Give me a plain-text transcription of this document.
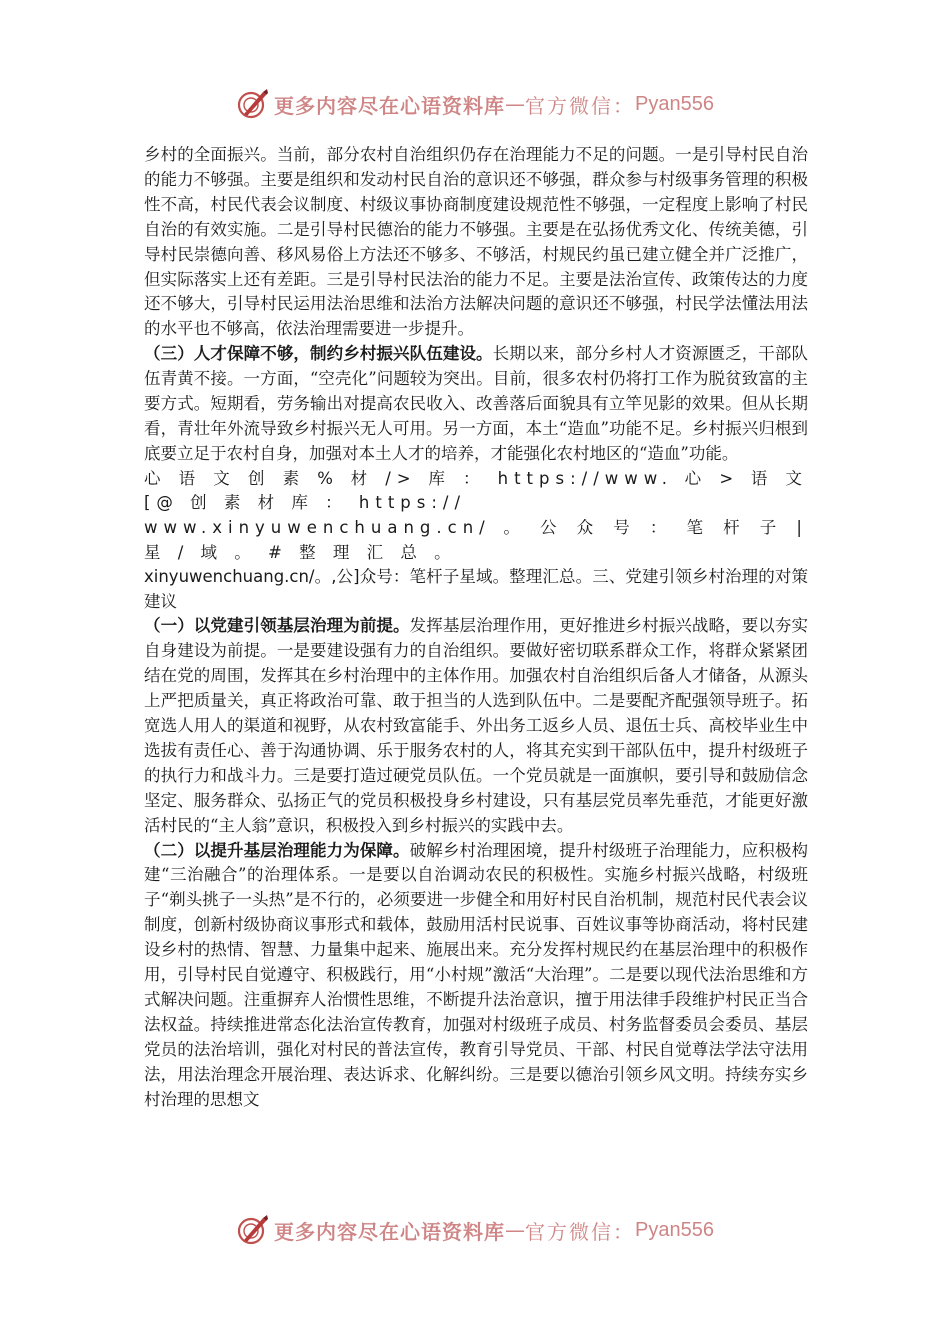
更多内容尽在心语资料库 — 官方微信： Pyan556

乡村的全面振兴。当前，部分农村自治组织仍存在治理能力不足的问题。一是引导村民自治的能力不够强。主要是组织和发动村民自治的意识还不够强，群众参与村级事务管理的积极性不高，村民代表会议制度、村级议事协商制度建设规范性不够强，一定程度上影响了村民自治的有效实施。二是引导村民德治的能力不够强。主要是在弘扬优秀文化、传统美德，引导村民崇德向善、移风易俗上方法还不够多、不够活，村规民约虽已建立健全并广泛推广，但实际落实上还有差距。三是引导村民法治的能力不足。主要是法治宣传、政策传达的力度还不够大，引导村民运用法治思维和法治方法解决问题的意识还不够强，村民学法懂法用法的水平也不够高，依法治理需要进一步提升。

（三）人才保障不够，制约乡村振兴队伍建设。长期以来，部分乡村人才资源匮乏，干部队伍青黄不接。一方面，“空壳化”问题较为突出。目前，很多农村仍将打工作为脱贫致富的主要方式。短期看，劳务输出对提高农民收入、改善落后面貌具有立竿见影的效果。但从长期看，青壮年外流导致乡村振兴无人可用。另一方面，本土“造血”功能不足。乡村振兴归根到底要立足于农村自身，加强对本土人才的培养，才能强化农村地区的“造血”功能。

心 语 文 创 素 % 材 /> 库 ： https://www. 心 > 语 文 [@ 创 素 材 库 ： https://
www.xinyuwenchuang.cn/ 。 公 众 号 ： 笔 杆 子 | 星 / 域 。 # 整 理 汇 总 。
xinyuwenchuang.cn/。,公]众号：笔杆子星域。整理汇总。三、党建引领乡村治理的对策建议

（一）以党建引领基层治理为前提。发挥基层治理作用，更好推进乡村振兴战略，要以夯实自身建设为前提。一是要建设强有力的自治组织。要做好密切联系群众工作，将群众紧紧团结在党的周围，发挥其在乡村治理中的主体作用。加强农村自治组织后备人才储备，从源头上严把质量关，真正将政治可靠、敢于担当的人选到队伍中。二是要配齐配强领导班子。拓宽选人用人的渠道和视野，从农村致富能手、外出务工返乡人员、退伍士兵、高校毕业生中选拔有责任心、善于沟通协调、乐于服务农村的人，将其充实到干部队伍中，提升村级班子的执行力和战斗力。三是要打造过硬党员队伍。一个党员就是一面旗帜，要引导和鼓励信念坚定、服务群众、弘扬正气的党员积极投身乡村建设，只有基层党员率先垂范，才能更好激活村民的“主人翁”意识，积极投入到乡村振兴的实践中去。

（二）以提升基层治理能力为保障。破解乡村治理困境，提升村级班子治理能力，应积极构建“三治融合”的治理体系。一是要以自治调动农民的积极性。实施乡村振兴战略，村级班子“剃头挑子一头热”是不行的，必须要进一步健全和用好村民自治机制，规范村民代表会议制度，创新村级协商议事形式和载体，鼓励用活村民说事、百姓议事等协商活动，将村民建设乡村的热情、智慧、力量集中起来、施展出来。充分发挥村规民约在基层治理中的积极作用，引导村民自觉遵守、积极践行，用“小村规”激活“大治理”。二是要以现代法治思维和方式解决问题。注重摒弃人治惯性思维，不断提升法治意识，擅于用法律手段维护村民正当合法权益。持续推进常态化法治宣传教育，加强对村级班子成员、村务监督委员会委员、基层党员的法治培训，强化对村民的普法宣传，教育引导党员、干部、村民自觉尊法学法守法用法，用法治理念开展治理、表达诉求、化解纠纷。三是要以德治引领乡风文明。持续夯实乡村治理的思想文

更多内容尽在心语资料库 — 官方微信： Pyan556
